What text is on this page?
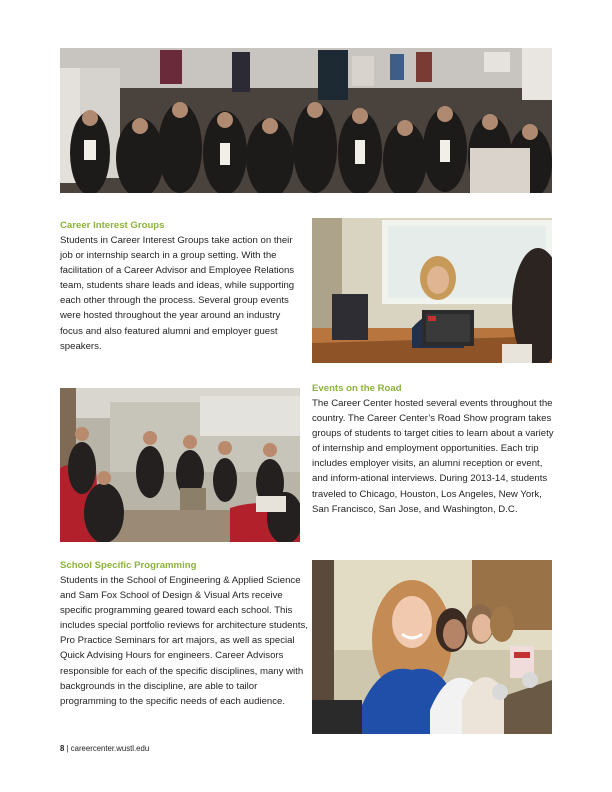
Career Interest Groups

Students in Career Interest Groups take action on their job or internship search in a group setting. With the facilitation of a Career Advisor and Employee Relations team, students share leads and ideas, while supporting each other through the process. Several group events were hosted throughout the year around an industry focus and also featured alumni and employer guest speakers.

Events on the Road

The Career Center hosted several events throughout the country. The Career Center’s Road Show program takes groups of students to target cities to learn about a variety of internship and employment opportunities. Each trip includes employer visits, an alumni reception or event, and inform-ational interviews. During 2013-14, students traveled to Chicago, Houston, Los Angeles, New York, San Francisco, San Jose, and Washington, D.C.

School Specific Programming

Students in the School of Engineering & Applied Science and Sam Fox School of Design & Visual Arts receive specific programming geared toward each school. This includes special portfolio reviews for architecture students, Pro Practice Seminars for art majors, as well as special Quick Advising Hours for engineers. Career Advisors responsible for each of the specific disciplines, many with backgrounds in the discipline, are able to tailor programming to the specific needs of each audience.

8 | careercenter.wustl.edu
